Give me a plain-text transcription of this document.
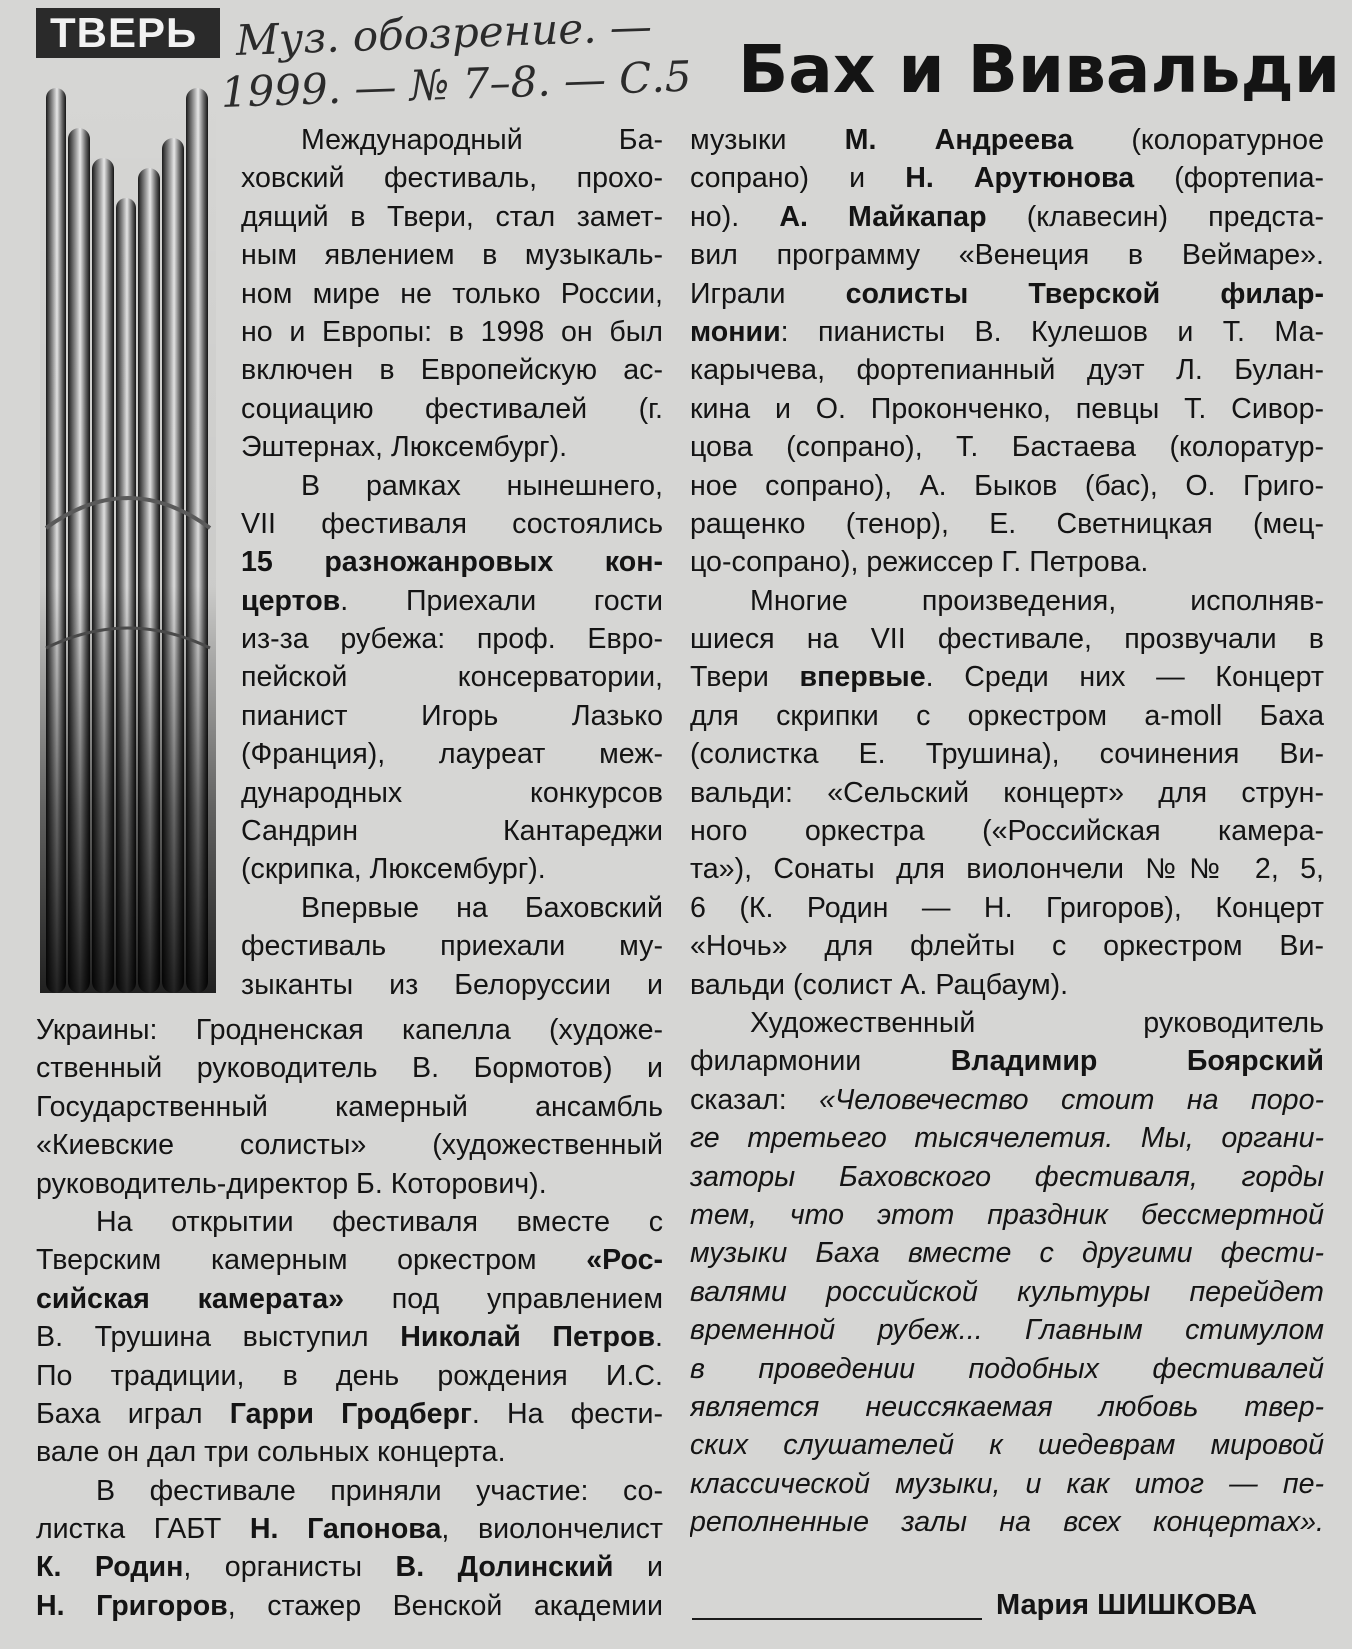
ТВЕРЬ Муз. обозрение. —
1999. — № 7–8. — С.5 Бах и Вивальди
Международный Ба-
ховский фестиваль, прохо-
дящий в Твери, стал замет-
ным явлением в музыкаль-
ном мире не только России,
но и Европы: в 1998 он был
включен в Европейскую ас-
социацию фестивалей (г.
Эштернах, Люксембург).
В рамках нынешнего,
VII фестиваля состоялись
15 разножанровых кон-
цертов. Приехали гости
из-за рубежа: проф. Евро-
пейской консерватории,
пианист Игорь Лазько
(Франция), лауреат меж-
дународных конкурсов
Сандрин Кантареджи
(скрипка, Люксембург).
Впервые на Баховский
фестиваль приехали му-
зыканты из Белоруссии и
Украины: Гродненская капелла (художе-
ственный руководитель В. Бормотов) и
Государственный камерный ансамбль
«Киевские солисты» (художественный
руководитель-директор Б. Которович).
На открытии фестиваля вместе с
Тверским камерным оркестром «Рос-
сийская камерата» под управлением
В. Трушина выступил Николай Петров.
По традиции, в день рождения И.С.
Баха играл Гарри Гродберг. На фести-
вале он дал три сольных концерта.
В фестивале приняли участие: со-
листка ГАБТ Н. Гапонова, виолончелист
К. Родин, органисты В. Долинский и
Н. Григоров, стажер Венской академии
музыки М. Андреева (колоратурное
сопрано) и Н. Арутюнова (фортепиа-
но). А. Майкапар (клавесин) предста-
вил программу «Венеция в Веймаре».
Играли солисты Тверской филар-
монии: пианисты В. Кулешов и Т. Ма-
карычева, фортепианный дуэт Л. Булан-
кина и О. Проконченко, певцы Т. Сивор-
цова (сопрано), Т. Бастаева (колоратур-
ное сопрано), А. Быков (бас), О. Григо-
ращенко (тенор), Е. Светницкая (мец-
цо-сопрано), режиссер Г. Петрова.
Многие произведения, исполняв-
шиеся на VII фестивале, прозвучали в
Твери впервые. Среди них — Концерт
для скрипки с оркестром a-moll Баха
(солистка Е. Трушина), сочинения Ви-
вальди: «Сельский концерт» для струн-
ного оркестра («Российская камера-
та»), Сонаты для виолончели №№ 2, 5,
6 (К. Родин — Н. Григоров), Концерт
«Ночь» для флейты с оркестром Ви-
вальди (солист А. Рацбаум).
Художественный руководитель
филармонии Владимир Боярский
сказал: «Человечество стоит на поро-
ге третьего тысячелетия. Мы, органи-
заторы Баховского фестиваля, горды
тем, что этот праздник бессмертной
музыки Баха вместе с другими фести-
валями российской культуры перейдет
временной рубеж... Главным стимулом
в проведении подобных фестивалей
является неиссякаемая любовь твер-
ских слушателей к шедеврам мировой
классической музыки, и как итог — пе-
реполненные залы на всех концертах».
Мария ШИШКОВА
